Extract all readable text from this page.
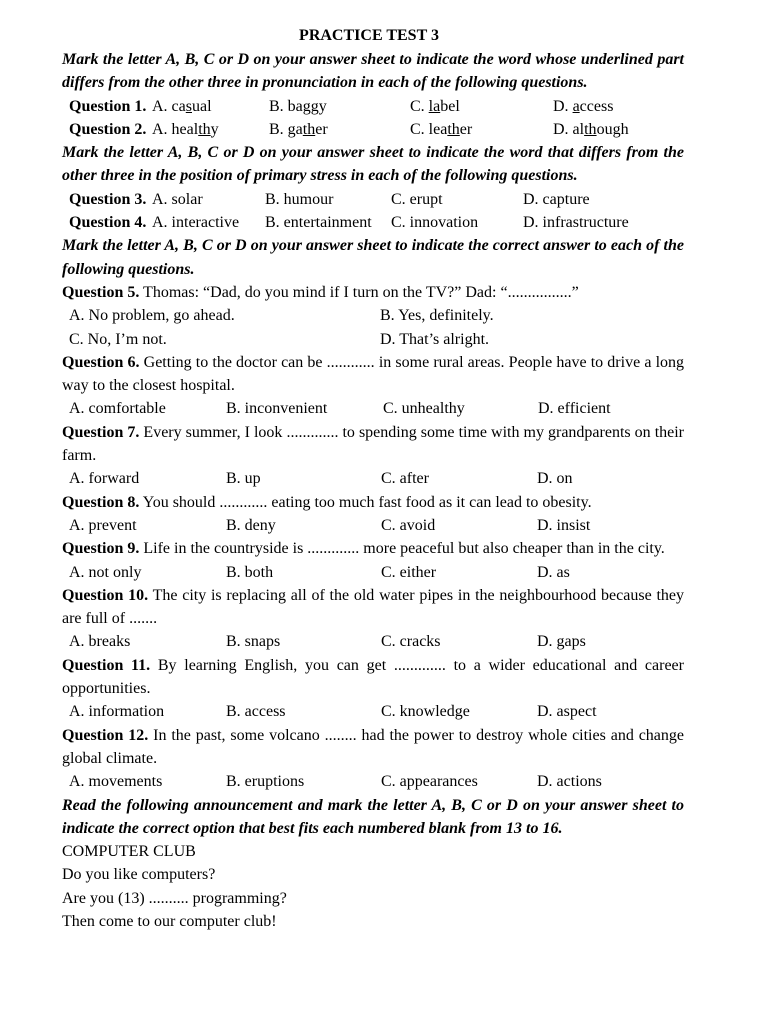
PRACTICE TEST 3
Mark the letter A, B, C or D on your answer sheet to indicate the word whose underlined part differs from the other three in pronunciation in each of the following questions.
Question 1. A. casual	B. baggy	C. label	D. access
Question 2. A. healthy	B. gather	C. leather	D. although
Mark the letter A, B, C or D on your answer sheet to indicate the word that differs from the other three in the position of primary stress in each of the following questions.
Question 3. A. solar	B. humour	C. erupt	D. capture
Question 4. A. interactive B. entertainment C. innovation	D. infrastructure
Mark the letter A, B, C or D on your answer sheet to indicate the correct answer to each of the following questions.
Question 5. Thomas: “Dad, do you mind if I turn on the TV?” Dad: “................”
A. No problem, go ahead.	B. Yes, definitely.
C. No, I’m not.	D. That’s alright.
Question 6. Getting to the doctor can be ............ in some rural areas. People have to drive a long way to the closest hospital.
A. comfortable	B. inconvenient	C. unhealthy	D. efficient
Question 7. Every summer, I look ............. to spending some time with my grandparents on their farm.
A. forward	B. up	C. after	D. on
Question 8. You should ............ eating too much fast food as it can lead to obesity.
A. prevent	B. deny	C. avoid	D. insist
Question 9. Life in the countryside is ............. more peaceful but also cheaper than in the city.
A. not only	B. both	C. either	D. as
Question 10. The city is replacing all of the old water pipes in the neighbourhood because they are full of .......
A. breaks	B. snaps	C. cracks	D. gaps
Question 11. By learning English, you can get ............. to a wider educational and career opportunities.
A. information	B. access	C. knowledge	D. aspect
Question 12. In the past, some volcano ........ had the power to destroy whole cities and change global climate.
A. movements	B. eruptions	C. appearances	D. actions
Read the following announcement and mark the letter A, B, C or D on your answer sheet to indicate the correct option that best fits each numbered blank from 13 to 16.
COMPUTER CLUB
Do you like computers?
Are you (13) .......... programming?
Then come to our computer club!
